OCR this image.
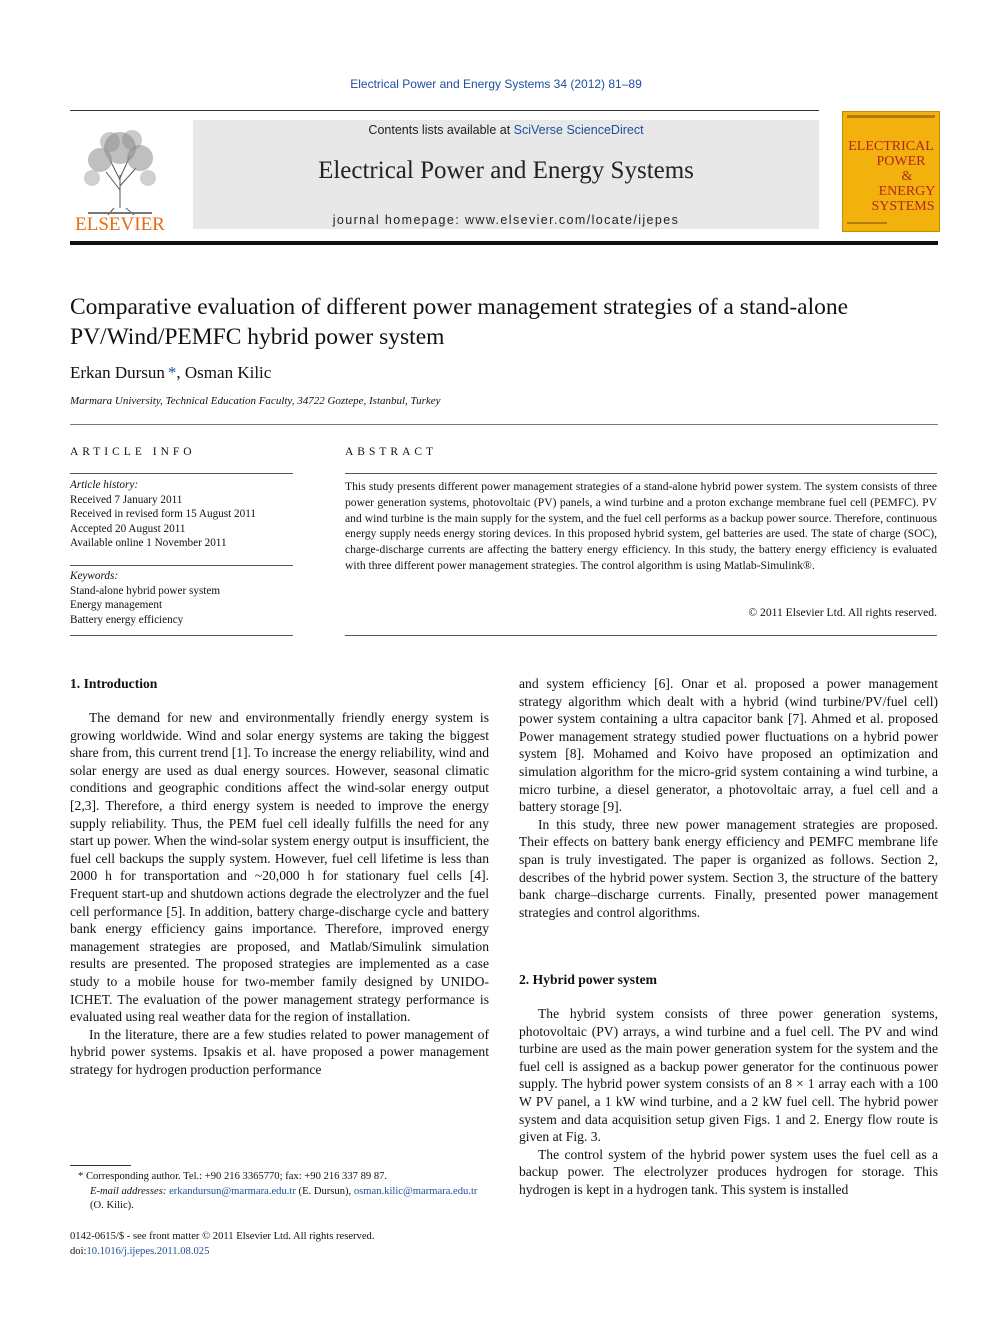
Electrical Power and Energy Systems 34 (2012) 81–89
ELSEVIER
Contents lists available at SciVerse ScienceDirect
Electrical Power and Energy Systems
journal homepage: www.elsevier.com/locate/ijepes
ELECTRICAL
POWER
&
ENERGY
SYSTEMS
Comparative evaluation of different power management strategies of a stand-alone PV/Wind/PEMFC hybrid power system
Erkan Dursun *, Osman Kilic
Marmara University, Technical Education Faculty, 34722 Goztepe, Istanbul, Turkey
ARTICLE INFO
Article history:
Received 7 January 2011
Received in revised form 15 August 2011
Accepted 20 August 2011
Available online 1 November 2011
Keywords:
Stand-alone hybrid power system
Energy management
Battery energy efficiency
ABSTRACT
This study presents different power management strategies of a stand-alone hybrid power system. The system consists of three power generation systems, photovoltaic (PV) panels, a wind turbine and a proton exchange membrane fuel cell (PEMFC). PV and wind turbine is the main supply for the system, and the fuel cell performs as a backup power source. Therefore, continuous energy supply needs energy storing devices. In this proposed hybrid system, gel batteries are used. The state of charge (SOC), charge-discharge currents are affecting the battery energy efficiency. In this study, the battery energy efficiency is evaluated with three different power management strategies. The control algorithm is using Matlab-Simulink®.
© 2011 Elsevier Ltd. All rights reserved.
1. Introduction

The demand for new and environmentally friendly energy system is growing worldwide. Wind and solar energy systems are taking the biggest share from, this current trend [1]. To increase the energy reliability, wind and solar energy are used as dual energy sources. However, seasonal climatic conditions and geographic conditions affect the wind-solar energy output [2,3]. Therefore, a third energy system is needed to improve the energy supply reliability. Thus, the PEM fuel cell ideally fulfills the need for any start up power. When the wind-solar system energy output is insufficient, the fuel cell backups the supply system. However, fuel cell lifetime is less than 2000 h for transportation and ~20,000 h for stationary fuel cells [4]. Frequent start-up and shutdown actions degrade the electrolyzer and the fuel cell performance [5]. In addition, battery charge-discharge cycle and battery bank energy efficiency gains importance. Therefore, improved energy management strategies are proposed, and Matlab/Simulink simulation results are presented. The proposed strategies are implemented as a case study to a mobile house for two-member family designed by UNIDO-ICHET. The evaluation of the power management strategy performance is evaluated using real weather data for the region of installation.

In the literature, there are a few studies related to power management of hybrid power systems. Ipsakis et al. have proposed a power management strategy for hydrogen production performance

and system efficiency [6]. Onar et al. proposed a power management strategy algorithm which dealt with a hybrid (wind turbine/PV/fuel cell) power system containing a ultra capacitor bank [7]. Ahmed et al. proposed Power management strategy studied power fluctuations on a hybrid power system [8]. Mohamed and Koivo have proposed an optimization and simulation algorithm for the micro-grid system containing a wind turbine, a micro turbine, a diesel generator, a photovoltaic array, a fuel cell and a battery storage [9].

In this study, three new power management strategies are proposed. Their effects on battery bank energy efficiency and PEMFC membrane life span is truly investigated. The paper is organized as follows. Section 2, describes of the hybrid power system. Section 3, the structure of the battery bank charge–discharge currents. Finally, presented power management strategies and control algorithms.

2. Hybrid power system

The hybrid system consists of three power generation systems, photovoltaic (PV) arrays, a wind turbine and a fuel cell. The PV and wind turbine are used as the main power generation system for the system and the fuel cell is assigned as a backup power generator for the continuous power supply. The hybrid power system consists of an 8 × 1 array each with a 100 W PV panel, a 1 kW wind turbine, and a 2 kW fuel cell. The hybrid power system and data acquisition setup given Figs. 1 and 2. Energy flow route is given at Fig. 3.

The control system of the hybrid power system uses the fuel cell as a backup power. The electrolyzer produces hydrogen for storage. This hydrogen is kept in a hydrogen tank. This system is installed

* Corresponding author. Tel.: +90 216 3365770; fax: +90 216 337 89 87.
E-mail addresses: erkandursun@marmara.edu.tr (E. Dursun), osman.kilic@marmara.edu.tr (O. Kilic).
0142-0615/$ - see front matter © 2011 Elsevier Ltd. All rights reserved.
doi:10.1016/j.ijepes.2011.08.025
